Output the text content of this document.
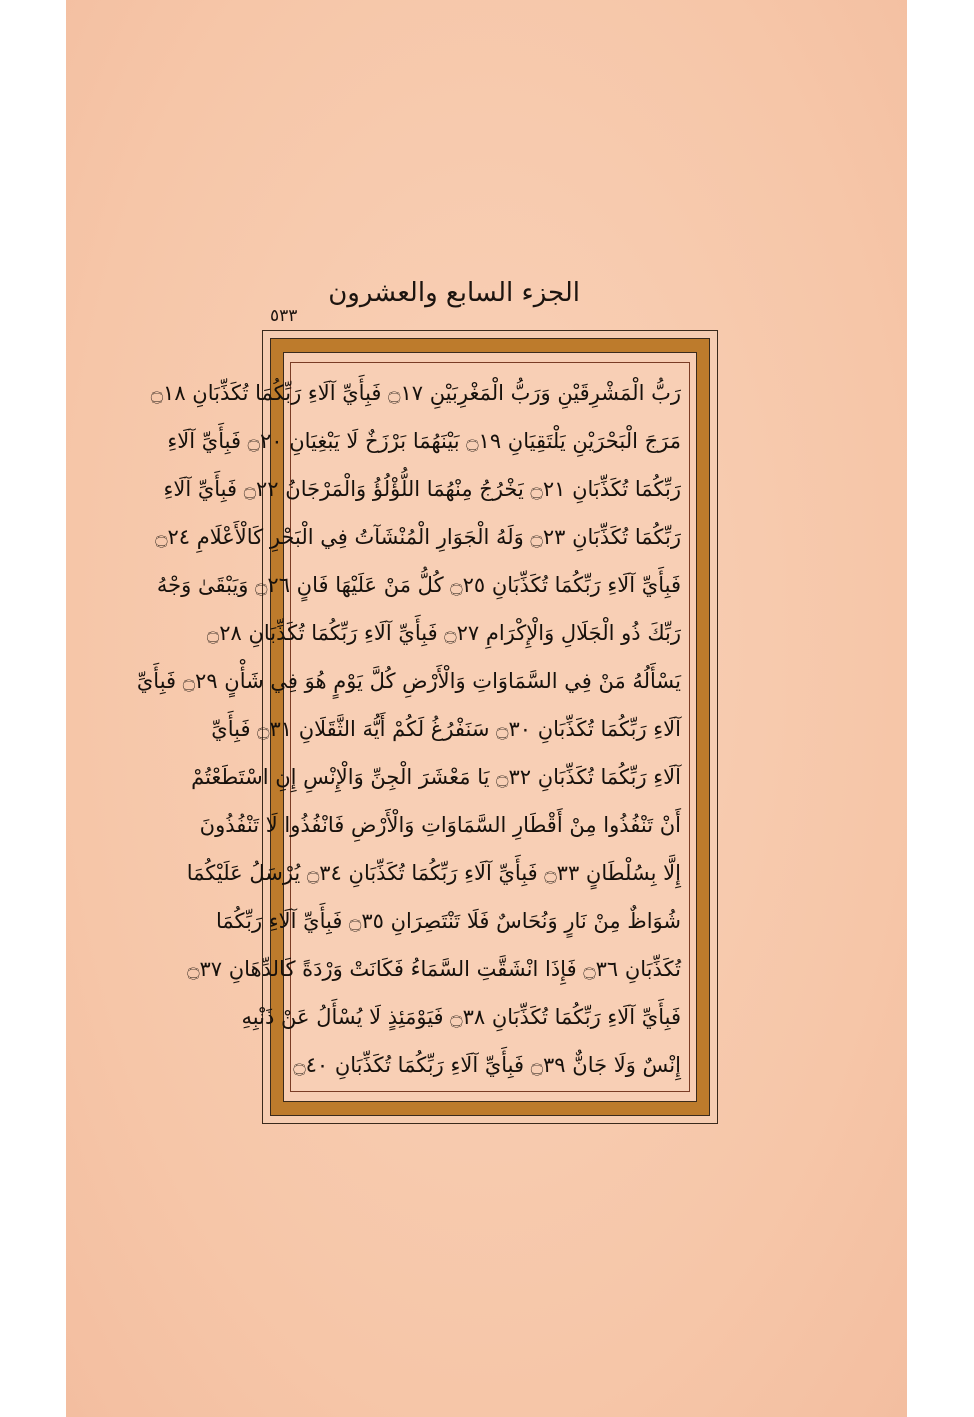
الجزء السابع والعشرون
٥٣٣
رَبُّ الْمَشْرِقَيْنِ وَرَبُّ الْمَغْرِبَيْنِ ۝١٧ فَبِأَيِّ آلَاءِ رَبِّكُمَا تُكَذِّبَانِ ۝١٨
مَرَجَ الْبَحْرَيْنِ يَلْتَقِيَانِ ۝١٩ بَيْنَهُمَا بَرْزَخٌ لَا يَبْغِيَانِ ۝٢٠ فَبِأَيِّ آلَاءِ
رَبِّكُمَا تُكَذِّبَانِ ۝٢١ يَخْرُجُ مِنْهُمَا اللُّؤْلُؤُ وَالْمَرْجَانُ ۝٢٢ فَبِأَيِّ آلَاءِ
رَبِّكُمَا تُكَذِّبَانِ ۝٢٣ وَلَهُ الْجَوَارِ الْمُنْشَآتُ فِي الْبَحْرِ كَالْأَعْلَامِ ۝٢٤
فَبِأَيِّ آلَاءِ رَبِّكُمَا تُكَذِّبَانِ ۝٢٥ كُلُّ مَنْ عَلَيْهَا فَانٍ ۝٢٦ وَيَبْقَىٰ وَجْهُ
رَبِّكَ ذُو الْجَلَالِ وَالْإِكْرَامِ ۝٢٧ فَبِأَيِّ آلَاءِ رَبِّكُمَا تُكَذِّبَانِ ۝٢٨
يَسْأَلُهُ مَنْ فِي السَّمَاوَاتِ وَالْأَرْضِ كُلَّ يَوْمٍ هُوَ فِي شَأْنٍ ۝٢٩ فَبِأَيِّ
آلَاءِ رَبِّكُمَا تُكَذِّبَانِ ۝٣٠ سَنَفْرُغُ لَكُمْ أَيُّهَ الثَّقَلَانِ ۝٣١ فَبِأَيِّ
آلَاءِ رَبِّكُمَا تُكَذِّبَانِ ۝٣٢ يَا مَعْشَرَ الْجِنِّ وَالْإِنْسِ إِنِ اسْتَطَعْتُمْ
أَنْ تَنْفُذُوا مِنْ أَقْطَارِ السَّمَاوَاتِ وَالْأَرْضِ فَانْفُذُوا لَا تَنْفُذُونَ
إِلَّا بِسُلْطَانٍ ۝٣٣ فَبِأَيِّ آلَاءِ رَبِّكُمَا تُكَذِّبَانِ ۝٣٤ يُرْسَلُ عَلَيْكُمَا
شُوَاظٌ مِنْ نَارٍ وَنُحَاسٌ فَلَا تَنْتَصِرَانِ ۝٣٥ فَبِأَيِّ آلَاءِ رَبِّكُمَا
تُكَذِّبَانِ ۝٣٦ فَإِذَا انْشَقَّتِ السَّمَاءُ فَكَانَتْ وَرْدَةً كَالدِّهَانِ ۝٣٧
فَبِأَيِّ آلَاءِ رَبِّكُمَا تُكَذِّبَانِ ۝٣٨ فَيَوْمَئِذٍ لَا يُسْأَلُ عَنْ ذَنْبِهِ
إِنْسٌ وَلَا جَانٌّ ۝٣٩ فَبِأَيِّ آلَاءِ رَبِّكُمَا تُكَذِّبَانِ ۝٤٠
